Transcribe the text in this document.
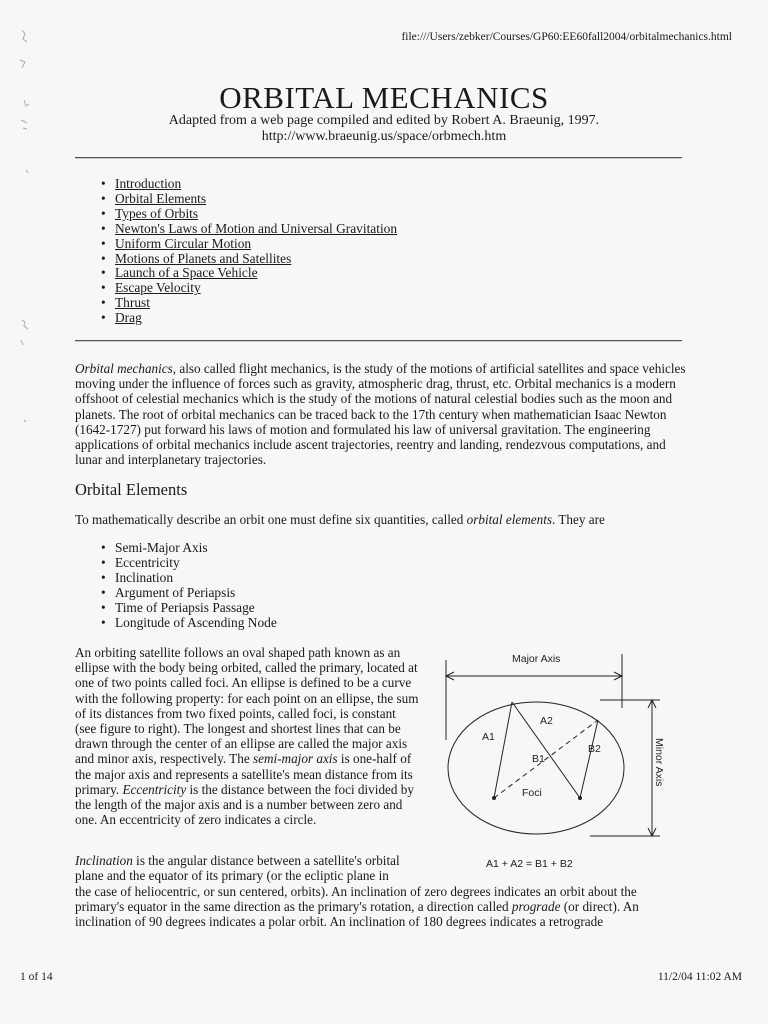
file:///Users/zebker/Courses/GP60:EE60fall2004/orbitalmechanics.html
ORBITAL MECHANICS
Adapted from a web page compiled and edited by Robert A. Braeunig, 1997.
http://www.braeunig.us/space/orbmech.htm
• Introduction
• Orbital Elements
• Types of Orbits
• Newton's Laws of Motion and Universal Gravitation
• Uniform Circular Motion
• Motions of Planets and Satellites
• Launch of a Space Vehicle
• Escape Velocity
• Thrust
• Drag
Orbital mechanics, also called flight mechanics, is the study of the motions of artificial satellites and space vehicles moving under the influence of forces such as gravity, atmospheric drag, thrust, etc. Orbital mechanics is a modern offshoot of celestial mechanics which is the study of the motions of natural celestial bodies such as the moon and planets. The root of orbital mechanics can be traced back to the 17th century when mathematician Isaac Newton (1642-1727) put forward his laws of motion and formulated his law of universal gravitation. The engineering applications of orbital mechanics include ascent trajectories, reentry and landing, rendezvous computations, and lunar and interplanetary trajectories.
Orbital Elements
To mathematically describe an orbit one must define six quantities, called orbital elements. They are
• Semi-Major Axis
• Eccentricity
• Inclination
• Argument of Periapsis
• Time of Periapsis Passage
• Longitude of Ascending Node
An orbiting satellite follows an oval shaped path known as an ellipse with the body being orbited, called the primary, located at one of two points called foci. An ellipse is defined to be a curve with the following property: for each point on an ellipse, the sum of its distances from two fixed points, called foci, is constant (see figure to right). The longest and shortest lines that can be drawn through the center of an ellipse are called the major axis and minor axis, respectively. The semi-major axis is one-half of the major axis and represents a satellite's mean distance from its primary. Eccentricity is the distance between the foci divided by the length of the major axis and is a number between zero and one. An eccentricity of zero indicates a circle.
Major Axis
A1
A2
B1
B2
Foci
Minor Axis
A1 + A2 = B1 + B2
Inclination is the angular distance between a satellite's orbital plane and the equator of its primary (or the ecliptic plane in
the case of heliocentric, or sun centered, orbits). An inclination of zero degrees indicates an orbit about the primary's equator in the same direction as the primary's rotation, a direction called prograde (or direct). An inclination of 90 degrees indicates a polar orbit. An inclination of 180 degrees indicates a retrograde
1 of 14	11/2/04 11:02 AM
